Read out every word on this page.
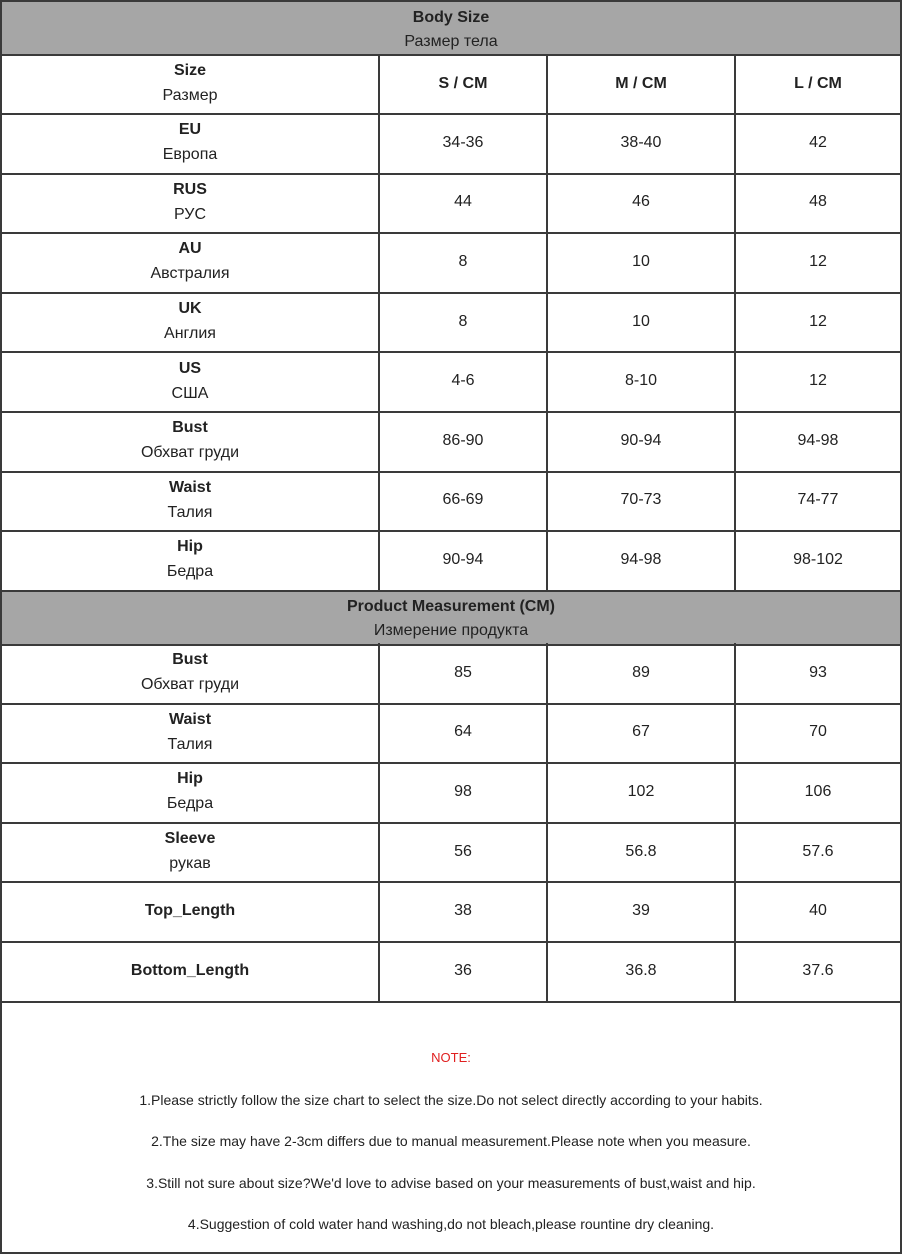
Body Size
Размер тела
Size
Размер
S / CM	M / CM	L / CM
EU
Европа
34-36	38-40	42
RUS
РУС
44	46	48
AU
Австралия
8	10	12
UK
Англия
8	10	12
US
США
4-6	8-10	12
Bust
Обхват груди
86-90	90-94	94-98
Waist
Талия
66-69	70-73	74-77
Hip
Бедра
90-94	94-98	98-102
Product Measurement (CM)
Измерение продукта
Bust
Обхват груди
85	89	93
Waist
Талия
64	67	70
Hip
Бедра
98	102	106
Sleeve
рукав
56	56.8	57.6
Top_Length	38	39	40
Bottom_Length	36	36.8	37.6
NOTE:
1.Please strictly follow the size chart to select the size.Do not select directly according to your habits.
2.The size may have 2-3cm differs due to manual measurement.Please note when you measure.
3.Still not sure about size?We'd love to advise based on your measurements of bust,waist and hip.
4.Suggestion of cold water hand washing,do not bleach,please rountine dry cleaning.
